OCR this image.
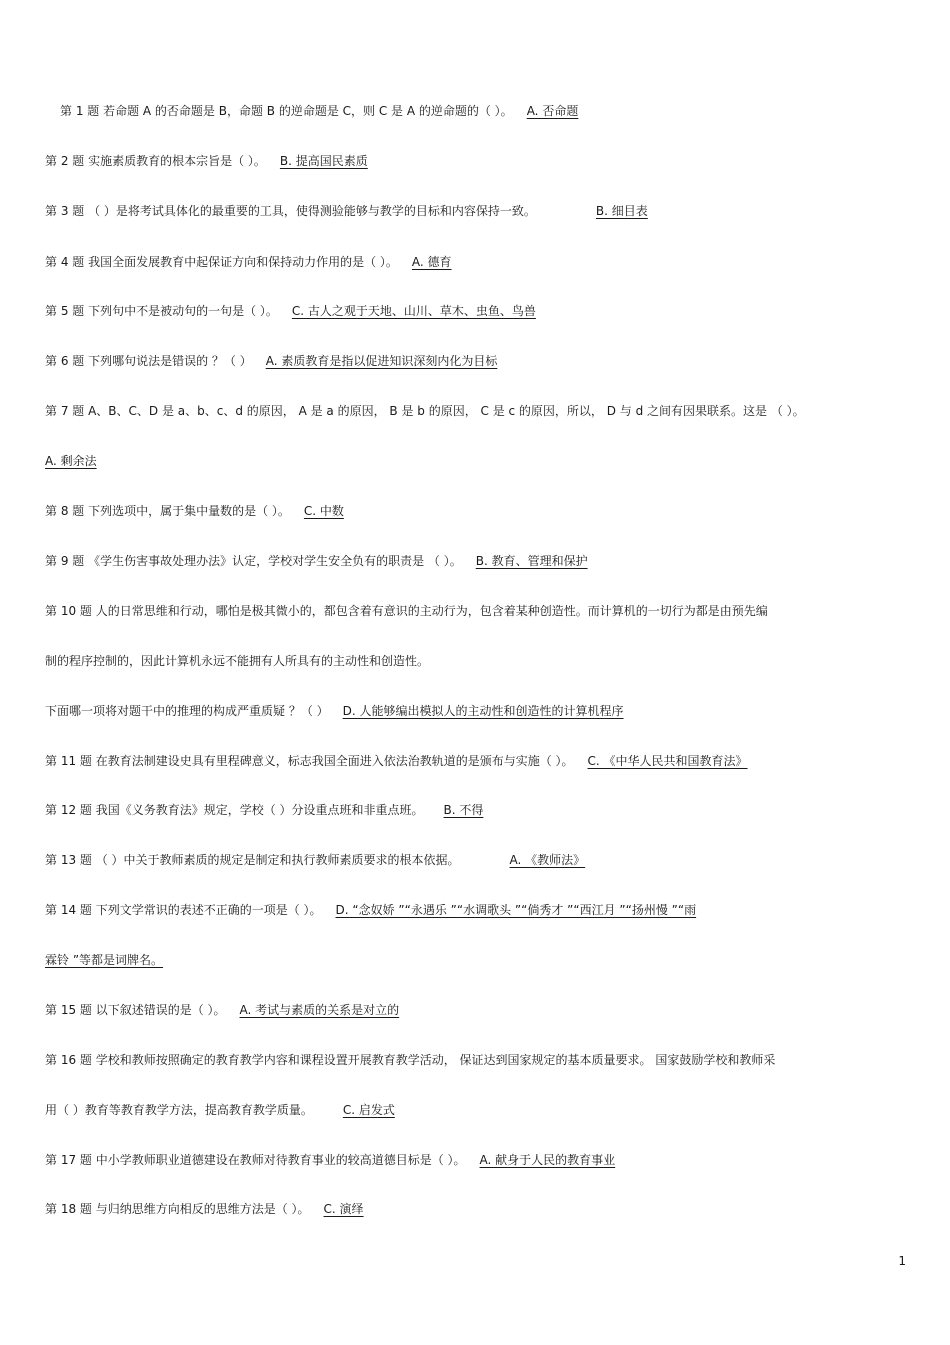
第 1 题 若命题 A 的否命题是 B，命题 B 的逆命题是 C，则 C 是 A 的逆命题的（ ）。 A. 否命题
第 2 题 实施素质教育的根本宗旨是（ ）。 B. 提高国民素质
第 3 题 （ ）是将考试具体化的最重要的工具，使得测验能够与教学的目标和内容保持一致。	B. 细目表
第 4 题 我国全面发展教育中起保证方向和保持动力作用的是（ ）。 A. 德育
第 5 题 下列句中不是被动句的一句是（ ）。 C. 古人之观于天地、山川、草木、虫鱼、鸟兽
第 6 题 下列哪句说法是错误的 ？（ ） A. 素质教育是指以促进知识深刻内化为目标
第 7 题 A、B、C、D 是 a、b、c、d 的原因， A 是 a 的原因， B 是 b 的原因， C 是 c 的原因，所以， D 与 d 之间有因果联系。这是 （ ）。
A. 剩余法
第 8 题 下列选项中，属于集中量数的是（ ）。 C. 中数
第 9 题 《学生伤害事故处理办法》认定，学校对学生安全负有的职责是 （ ）。 B. 教育、管理和保护
第 10 题 人的日常思维和行动，哪怕是极其微小的，都包含着有意识的主动行为，包含着某种创造性。而计算机的一切行为都是由预先编
制的程序控制的，因此计算机永远不能拥有人所具有的主动性和创造性。
下面哪一项将对题干中的推理的构成严重质疑 ？（ ） D. 人能够编出模拟人的主动性和创造性的计算机程序
第 11 题 在教育法制建设史具有里程碑意义，标志我国全面进入依法治教轨道的是颁布与实施（ ）。 C. 《中华人民共和国教育法》
第 12 题 我国《义务教育法》规定，学校（ ）分设重点班和非重点班。 B. 不得
第 13 题 （ ）中关于教师素质的规定是制定和执行教师素质要求的根本依据。	A. 《教师法》
第 14 题 下列文学常识的表述不正确的一项是（ ）。 D. “念奴娇 ”“永遇乐 ”“水调歌头 ”“倘秀才 ”“西江月 ”“扬州慢 ”“雨
霖铃 ”等都是词牌名。
第 15 题 以下叙述错误的是（ ）。 A. 考试与素质的关系是对立的
第 16 题 学校和教师按照确定的教育教学内容和课程设置开展教育教学活动， 保证达到国家规定的基本质量要求。 国家鼓励学校和教师采
用（ ）教育等教育教学方法，提高教育教学质量。	C. 启发式
第 17 题 中小学教师职业道德建设在教师对待教育事业的较高道德目标是（ ）。 A. 献身于人民的教育事业
第 18 题 与归纳思维方向相反的思维方法是（ ）。 C. 演绎
1
